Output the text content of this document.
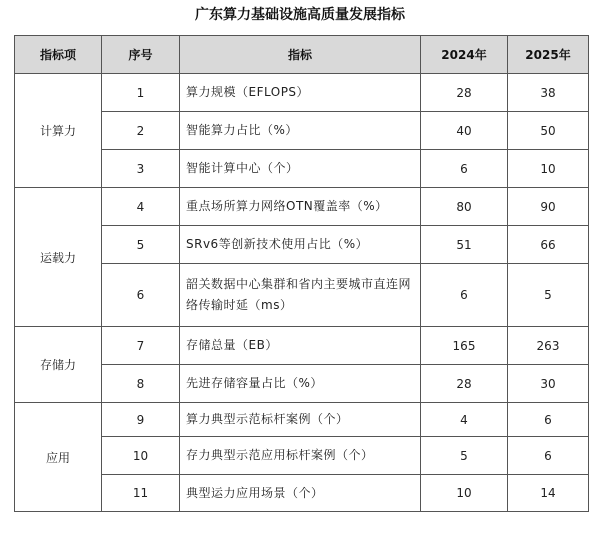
广东算力基础设施高质量发展指标
指标项	序号	指标	2024年	2025年
计算力	1	算力规模（EFLOPS）	28	38
	2	智能算力占比（%）	40	50
	3	智能计算中心（个）	6	10
运载力	4	重点场所算力网络OTN覆盖率（%）	80	90
	5	SRv6等创新技术使用占比（%）	51	66
	6	韶关数据中心集群和省内主要城市直连网络传输时延（ms）	6	5
存储力	7	存储总量（EB）	165	263
	8	先进存储容量占比（%）	28	30
应用	9	算力典型示范标杆案例（个）	4	6
	10	存力典型示范应用标杆案例（个）	5	6
	11	典型运力应用场景（个）	10	14
